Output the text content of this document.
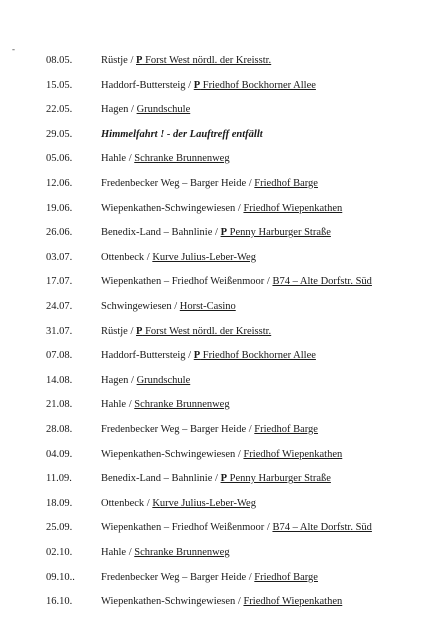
-
08.05.	Rüstje / P Forst West nördl. der Kreisstr.
15.05.	Haddorf-Buttersteig / P Friedhof Bockhorner Allee
22.05.	Hagen / Grundschule
29.05.	Himmelfahrt ! - der Lauftreff entfällt
05.06.	Hahle / Schranke Brunnenweg
12.06.	Fredenbecker Weg – Barger Heide / Friedhof Barge
19.06.	Wiepenkathen-Schwingewiesen / Friedhof Wiepenkathen
26.06.	Benedix-Land – Bahnlinie / P Penny Harburger Straße
03.07.	Ottenbeck / Kurve Julius-Leber-Weg
17.07.	Wiepenkathen – Friedhof Weißenmoor / B74 – Alte Dorfstr. Süd
24.07.	Schwingewiesen / Horst-Casino
31.07.	Rüstje / P Forst West nördl. der Kreisstr.
07.08.	Haddorf-Buttersteig / P Friedhof Bockhorner Allee
14.08.	Hagen / Grundschule
21.08.	Hahle / Schranke Brunnenweg
28.08.	Fredenbecker Weg – Barger Heide / Friedhof Barge
04.09.	Wiepenkathen-Schwingewiesen / Friedhof Wiepenkathen
11.09.	Benedix-Land – Bahnlinie / P Penny Harburger Straße
18.09.	Ottenbeck / Kurve Julius-Leber-Weg
25.09.	Wiepenkathen – Friedhof Weißenmoor / B74 – Alte Dorfstr. Süd
02.10.	Hahle / Schranke Brunnenweg
09.10.. Fredenbecker Weg – Barger Heide / Friedhof Barge
16.10.	Wiepenkathen-Schwingewiesen / Friedhof Wiepenkathen
